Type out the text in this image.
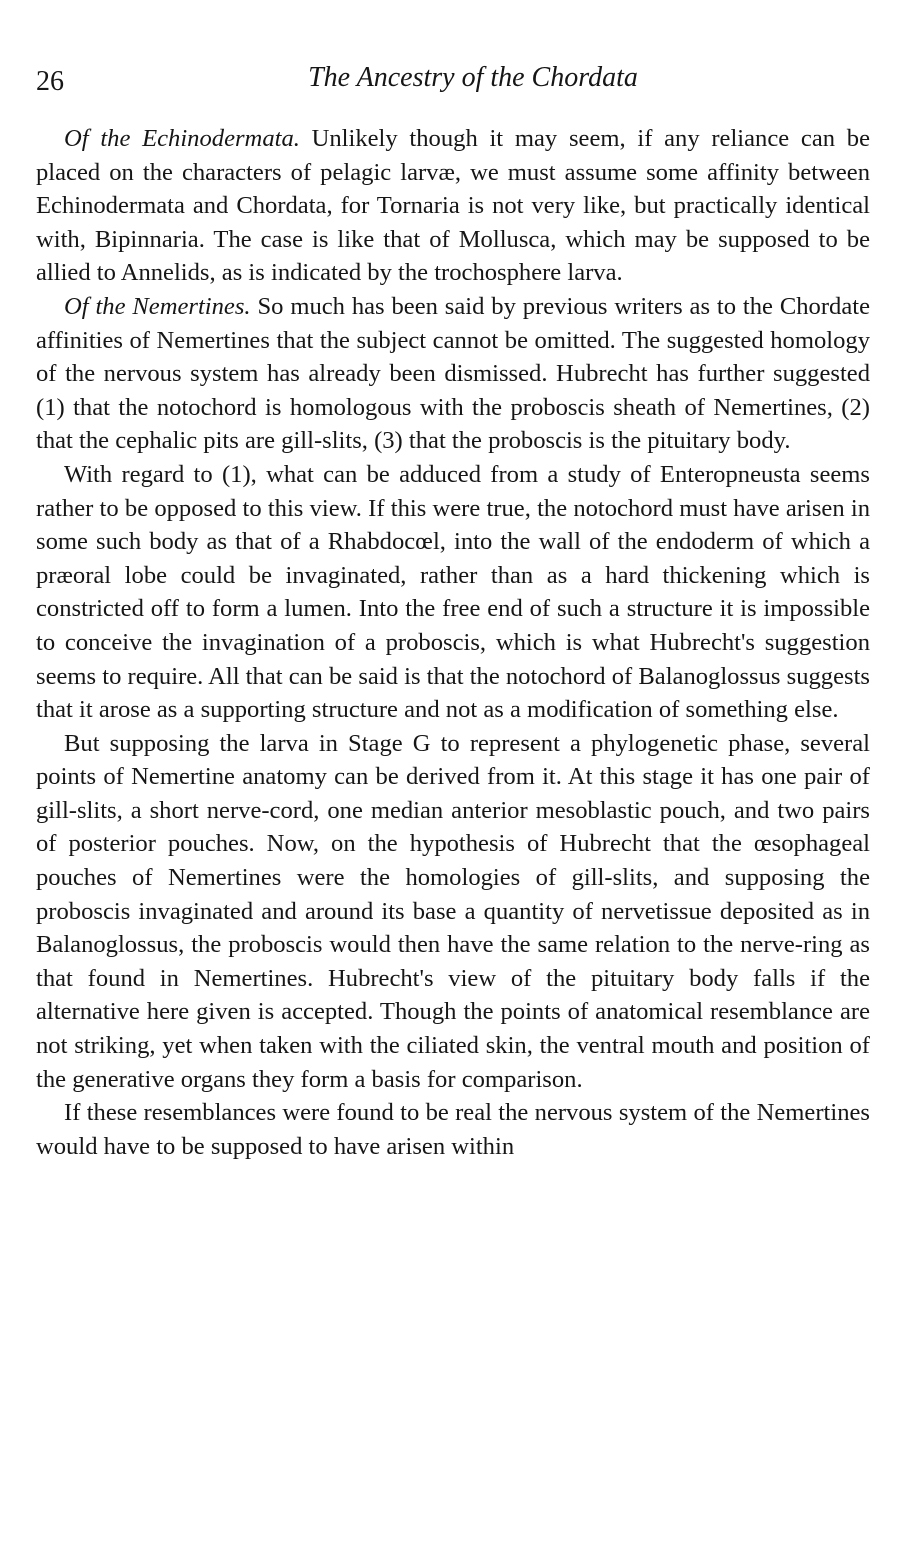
26	The Ancestry of the Chordata

Of the Echinodermata. Unlikely though it may seem, if any reliance can be placed on the characters of pelagic larvæ, we must assume some affinity between Echinodermata and Chordata, for Tornaria is not very like, but practically identical with, Bipinnaria. The case is like that of Mollusca, which may be supposed to be allied to Annelids, as is indicated by the trochosphere larva.

Of the Nemertines. So much has been said by previous writers as to the Chordate affinities of Nemertines that the subject cannot be omitted. The suggested homology of the nervous system has already been dismissed. Hubrecht has further suggested (1) that the notochord is homologous with the proboscis sheath of Nemertines, (2) that the cephalic pits are gill-slits, (3) that the proboscis is the pituitary body.

With regard to (1), what can be adduced from a study of Enteropneusta seems rather to be opposed to this view. If this were true, the notochord must have arisen in some such body as that of a Rhabdocœl, into the wall of the endoderm of which a præoral lobe could be invaginated, rather than as a hard thickening which is constricted off to form a lumen. Into the free end of such a structure it is impossible to conceive the invagination of a proboscis, which is what Hubrecht's suggestion seems to require. All that can be said is that the notochord of Balanoglossus suggests that it arose as a supporting structure and not as a modification of something else.

But supposing the larva in Stage G to represent a phylogenetic phase, several points of Nemertine anatomy can be derived from it. At this stage it has one pair of gill-slits, a short nerve-cord, one median anterior mesoblastic pouch, and two pairs of posterior pouches. Now, on the hypothesis of Hubrecht that the œsophageal pouches of Nemertines were the homologies of gill-slits, and supposing the proboscis invaginated and around its base a quantity of nervetissue deposited as in Balanoglossus, the proboscis would then have the same relation to the nerve-ring as that found in Nemertines. Hubrecht's view of the pituitary body falls if the alternative here given is accepted. Though the points of anatomical resemblance are not striking, yet when taken with the ciliated skin, the ventral mouth and position of the generative organs they form a basis for comparison.

If these resemblances were found to be real the nervous system of the Nemertines would have to be supposed to have arisen within
